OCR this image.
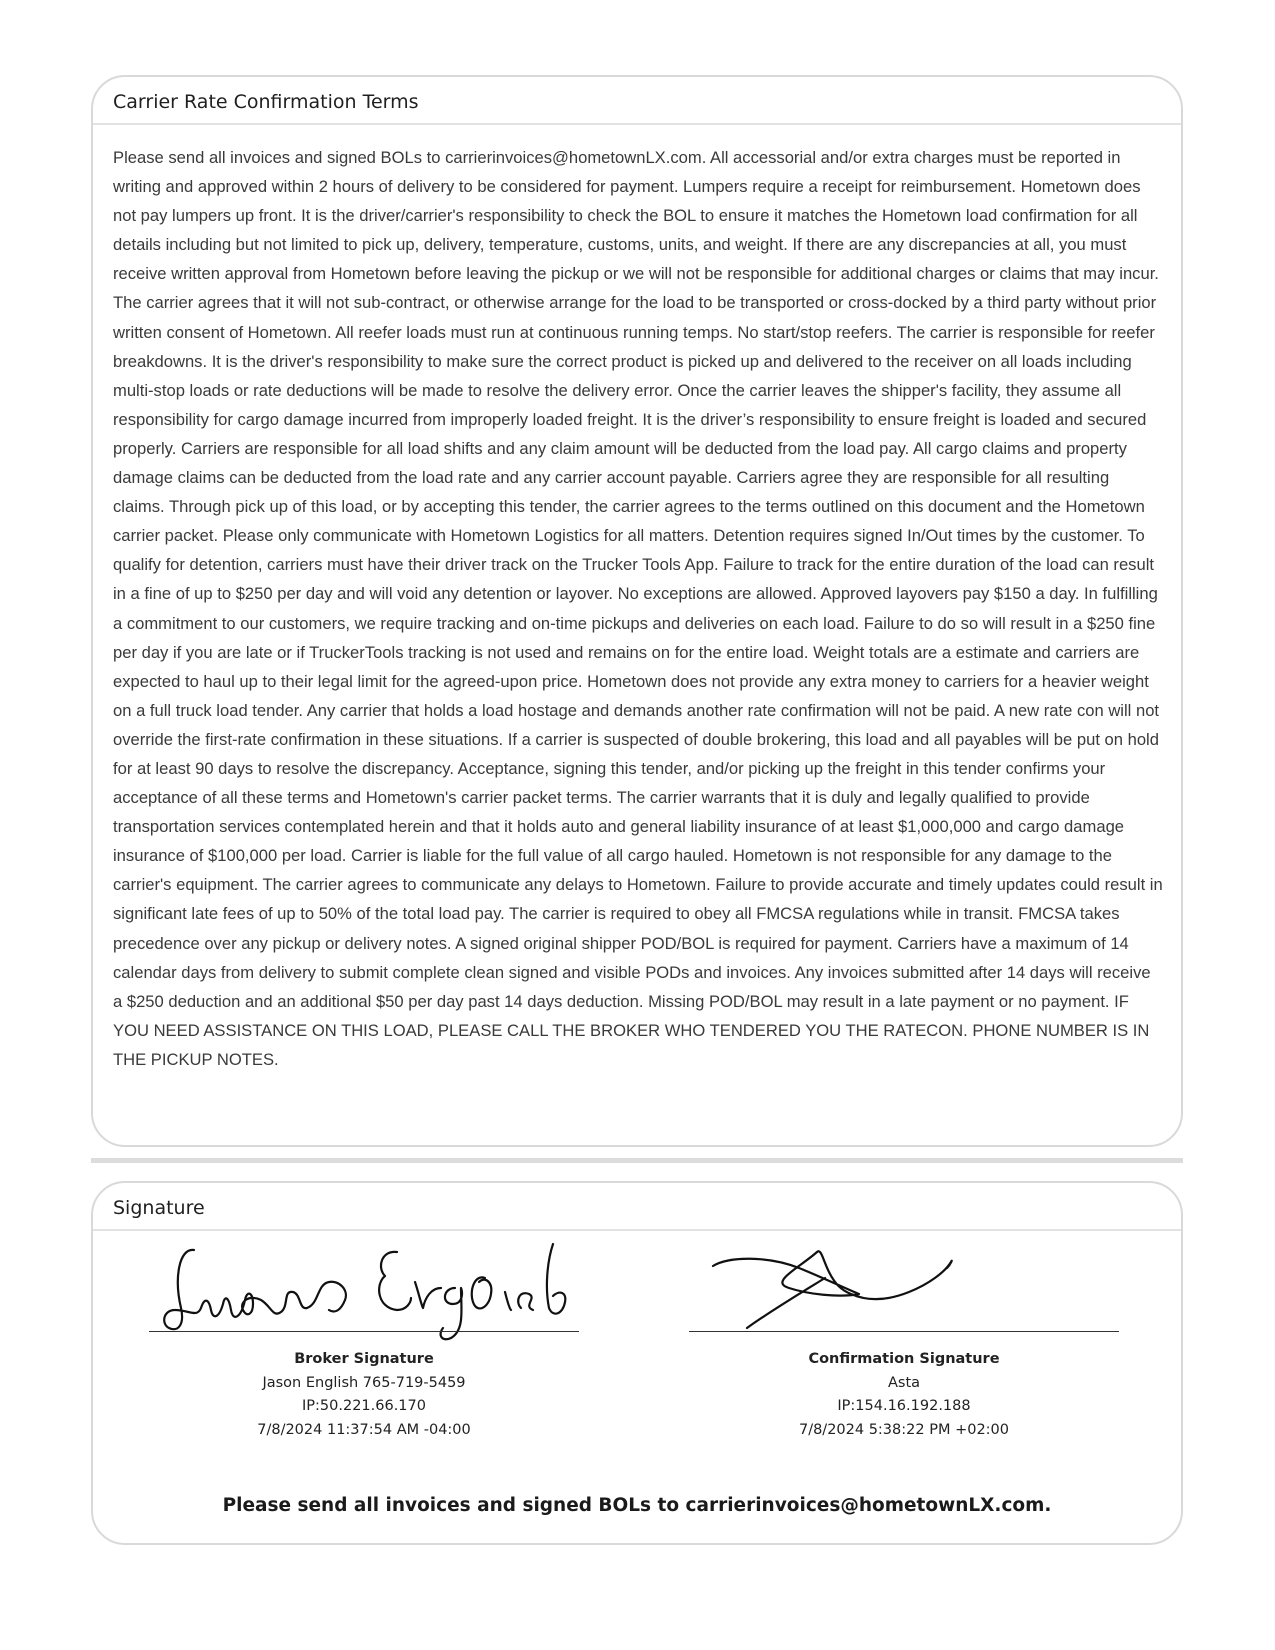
Carrier Rate Confirmation Terms

Please send all invoices and signed BOLs to carrierinvoices@hometownLX.com. All accessorial and/or extra charges must be reported in writing and approved within 2 hours of delivery to be considered for payment. Lumpers require a receipt for reimbursement. Hometown does not pay lumpers up front. It is the driver/carrier's responsibility to check the BOL to ensure it matches the Hometown load confirmation for all details including but not limited to pick up, delivery, temperature, customs, units, and weight. If there are any discrepancies at all, you must receive written approval from Hometown before leaving the pickup or we will not be responsible for additional charges or claims that may incur. The carrier agrees that it will not sub-contract, or otherwise arrange for the load to be transported or cross-docked by a third party without prior written consent of Hometown. All reefer loads must run at continuous running temps. No start/stop reefers. The carrier is responsible for reefer breakdowns. It is the driver's responsibility to make sure the correct product is picked up and delivered to the receiver on all loads including multi-stop loads or rate deductions will be made to resolve the delivery error. Once the carrier leaves the shipper's facility, they assume all responsibility for cargo damage incurred from improperly loaded freight. It is the driver’s responsibility to ensure freight is loaded and secured properly. Carriers are responsible for all load shifts and any claim amount will be deducted from the load pay. All cargo claims and property damage claims can be deducted from the load rate and any carrier account payable. Carriers agree they are responsible for all resulting claims. Through pick up of this load, or by accepting this tender, the carrier agrees to the terms outlined on this document and the Hometown carrier packet. Please only communicate with Hometown Logistics for all matters. Detention requires signed In/Out times by the customer. To qualify for detention, carriers must have their driver track on the Trucker Tools App. Failure to track for the entire duration of the load can result in a fine of up to $250 per day and will void any detention or layover. No exceptions are allowed. Approved layovers pay $150 a day. In fulfilling a commitment to our customers, we require tracking and on-time pickups and deliveries on each load. Failure to do so will result in a $250 fine per day if you are late or if TruckerTools tracking is not used and remains on for the entire load. Weight totals are a estimate and carriers are expected to haul up to their legal limit for the agreed-upon price. Hometown does not provide any extra money to carriers for a heavier weight on a full truck load tender. Any carrier that holds a load hostage and demands another rate confirmation will not be paid. A new rate con will not override the first-rate confirmation in these situations. If a carrier is suspected of double brokering, this load and all payables will be put on hold for at least 90 days to resolve the discrepancy. Acceptance, signing this tender, and/or picking up the freight in this tender confirms your acceptance of all these terms and Hometown's carrier packet terms. The carrier warrants that it is duly and legally qualified to provide transportation services contemplated herein and that it holds auto and general liability insurance of at least $1,000,000 and cargo damage insurance of $100,000 per load. Carrier is liable for the full value of all cargo hauled. Hometown is not responsible for any damage to the carrier's equipment. The carrier agrees to communicate any delays to Hometown. Failure to provide accurate and timely updates could result in significant late fees of up to 50% of the total load pay. The carrier is required to obey all FMCSA regulations while in transit. FMCSA takes precedence over any pickup or delivery notes. A signed original shipper POD/BOL is required for payment. Carriers have a maximum of 14 calendar days from delivery to submit complete clean signed and visible PODs and invoices. Any invoices submitted after 14 days will receive a $250 deduction and an additional $50 per day past 14 days deduction. Missing POD/BOL may result in a late payment or no payment. IF YOU NEED ASSISTANCE ON THIS LOAD, PLEASE CALL THE BROKER WHO TENDERED YOU THE RATECON. PHONE NUMBER IS IN THE PICKUP NOTES.

Signature
Broker Signature
Jason English 765-719-5459
IP:50.221.66.170
7/8/2024 11:37:54 AM -04:00
Confirmation Signature
Asta
IP:154.16.192.188
7/8/2024 5:38:22 PM +02:00
Please send all invoices and signed BOLs to carrierinvoices@hometownLX.com.
